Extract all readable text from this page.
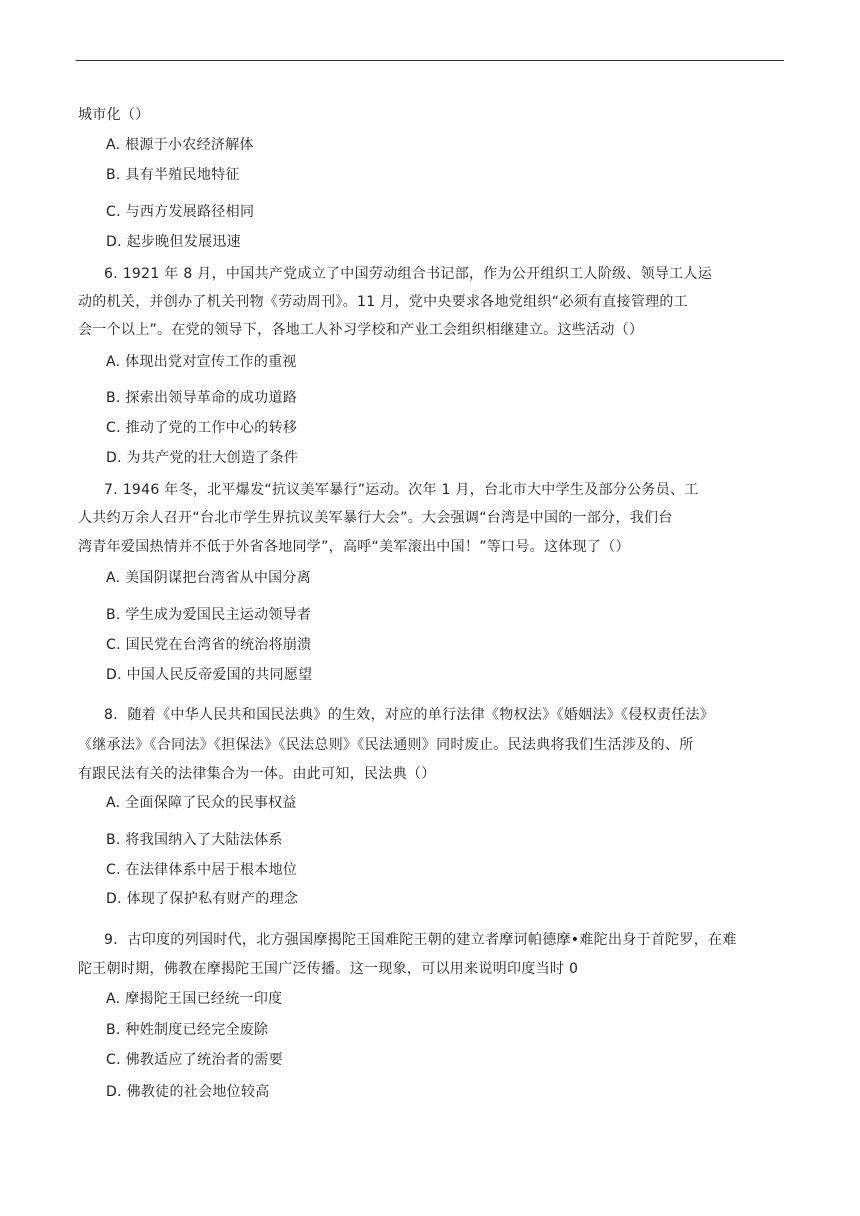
城市化（）
A. 根源于小农经济解体
B. 具有半殖民地特征
C. 与西方发展路径相同
D. 起步晚但发展迅速
6. 1921 年 8 月，中国共产党成立了中国劳动组合书记部，作为公开组织工人阶级、领导工人运
动的机关，并创办了机关刊物《劳动周刊》。11 月，党中央要求各地党组织“必须有直接管理的工
会一个以上”。在党的领导下，各地工人补习学校和产业工会组织相继建立。这些活动（）
A. 体现出党对宣传工作的重视
B. 探索出领导革命的成功道路
C. 推动了党的工作中心的转移
D. 为共产党的壮大创造了条件
7. 1946 年冬，北平爆发“抗议美军暴行”运动。次年 1 月，台北市大中学生及部分公务员、工
人共约万余人召开“台北市学生界抗议美军暴行大会”。大会强调“台湾是中国的一部分，我们台
湾青年爱国热情并不低于外省各地同学”，高呼“美军滚出中国！”等口号。这体现了（）
A. 美国阴谋把台湾省从中国分离
B. 学生成为爱国民主运动领导者
C. 国民党在台湾省的统治将崩溃
D. 中国人民反帝爱国的共同愿望
8．随着《中华人民共和国民法典》的生效，对应的单行法律《物权法》《婚姻法》《侵权责任法》
《继承法》《合同法》《担保法》《民法总则》《民法通则》同时废止。民法典将我们生活涉及的、所
有跟民法有关的法律集合为一体。由此可知，民法典（）
A. 全面保障了民众的民事权益
B. 将我国纳入了大陆法体系
C. 在法律体系中居于根本地位
D. 体现了保护私有财产的理念
9．古印度的列国时代，北方强国摩揭陀王国难陀王朝的建立者摩诃帕德摩•难陀出身于首陀罗，在难
陀王朝时期，佛教在摩揭陀王国广泛传播。这一现象，可以用来说明印度当时 0
A. 摩揭陀王国已经统一印度
B. 种姓制度已经完全废除
C. 佛教适应了统治者的需要
D. 佛教徒的社会地位较高
